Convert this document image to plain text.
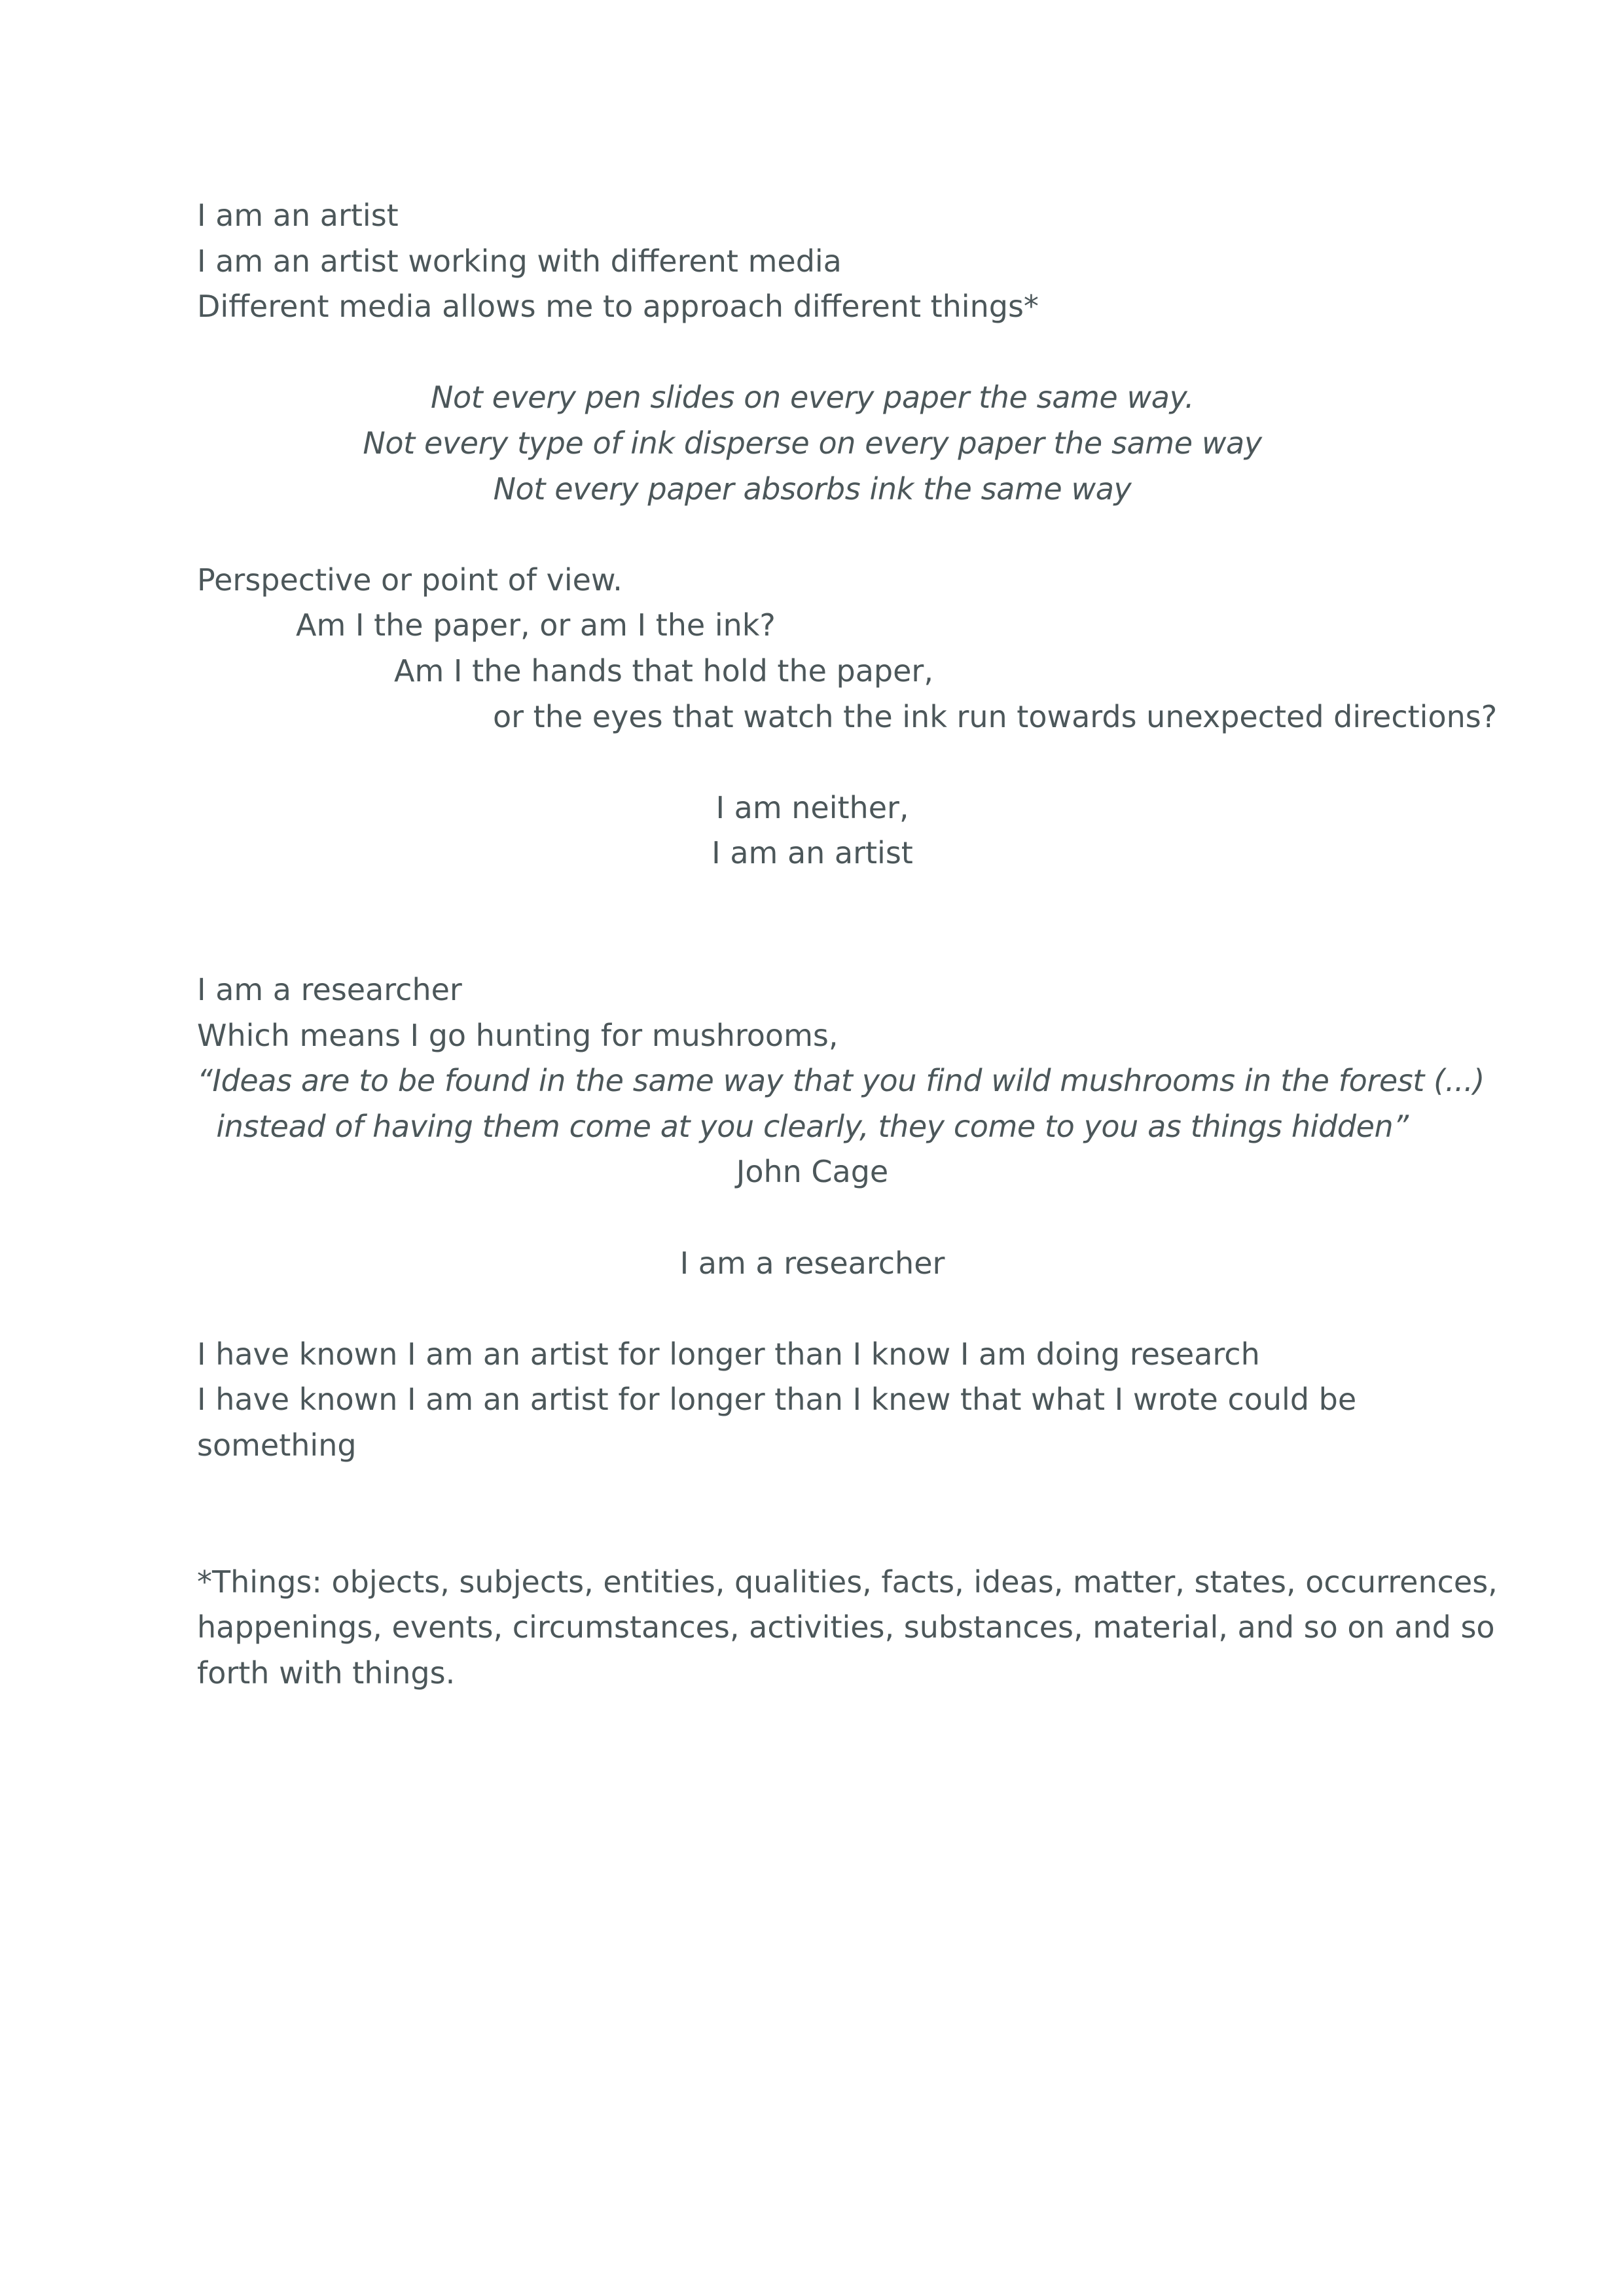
I am an artist

I am an artist working with different media

Different media allows me to approach different things*

Not every pen slides on every paper the same way.

Not every type of ink disperse on every paper the same way

Not every paper absorbs ink the same way

Perspective or point of view.

Am I the paper, or am I the ink?

Am I the hands that hold the paper,

or the eyes that watch the ink run towards unexpected directions?

I am neither,

I am an artist

I am a researcher

Which means I go hunting for mushrooms,

“Ideas are to be found in the same way that you find wild mushrooms in the forest (...)

instead of having them come at you clearly, they come to you as things hidden”

John Cage

I am a researcher

I have known I am an artist for longer than I know I am doing research

I have known I am an artist for longer than I knew that what I wrote could be

something

*Things: objects, subjects, entities, qualities, facts, ideas, matter, states, occurrences,

happenings, events, circumstances, activities, substances, material, and so on and so

forth with things.
